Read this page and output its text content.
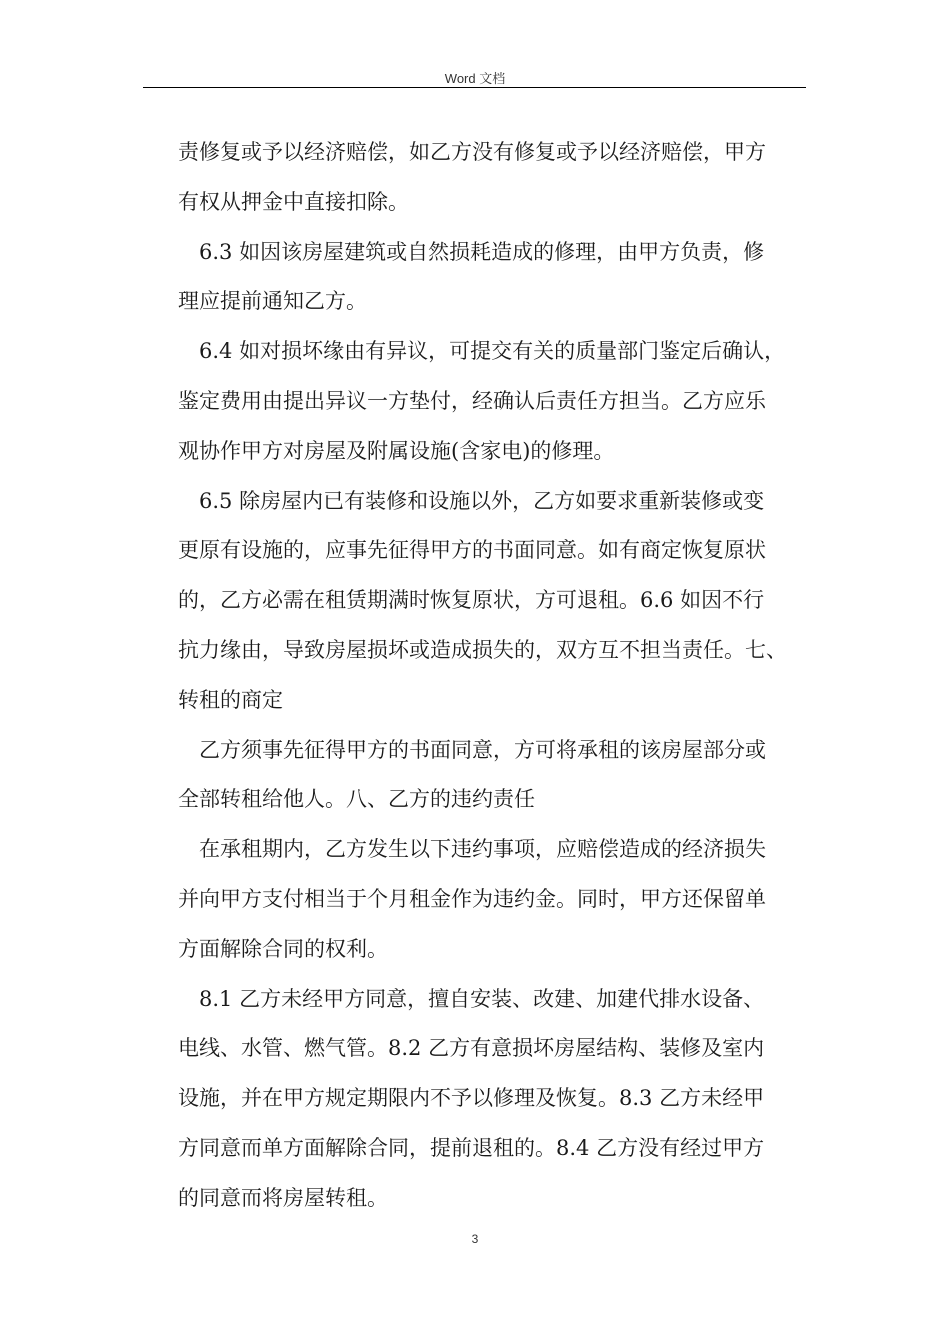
Word 文档
责修复或予以经济赔偿，如乙方没有修复或予以经济赔偿，甲方
有权从押金中直接扣除。
6.3 如因该房屋建筑或自然损耗造成的修理，由甲方负责，修
理应提前通知乙方。
6.4 如对损坏缘由有异议，可提交有关的质量部门鉴定后确认，
鉴定费用由提出异议一方垫付，经确认后责任方担当。乙方应乐
观协作甲方对房屋及附属设施(含家电)的修理。
6.5 除房屋内已有装修和设施以外，乙方如要求重新装修或变
更原有设施的，应事先征得甲方的书面同意。如有商定恢复原状
的，乙方必需在租赁期满时恢复原状，方可退租。6.6 如因不行
抗力缘由，导致房屋损坏或造成损失的，双方互不担当责任。七、
转租的商定
乙方须事先征得甲方的书面同意，方可将承租的该房屋部分或
全部转租给他人。八、乙方的违约责任
在承租期内，乙方发生以下违约事项，应赔偿造成的经济损失
并向甲方支付相当于个月租金作为违约金。同时，甲方还保留单
方面解除合同的权利。
8.1 乙方未经甲方同意，擅自安装、改建、加建代排水设备、
电线、水管、燃气管。8.2 乙方有意损坏房屋结构、装修及室内
设施，并在甲方规定期限内不予以修理及恢复。8.3 乙方未经甲
方同意而单方面解除合同，提前退租的。8.4 乙方没有经过甲方
的同意而将房屋转租。
3
